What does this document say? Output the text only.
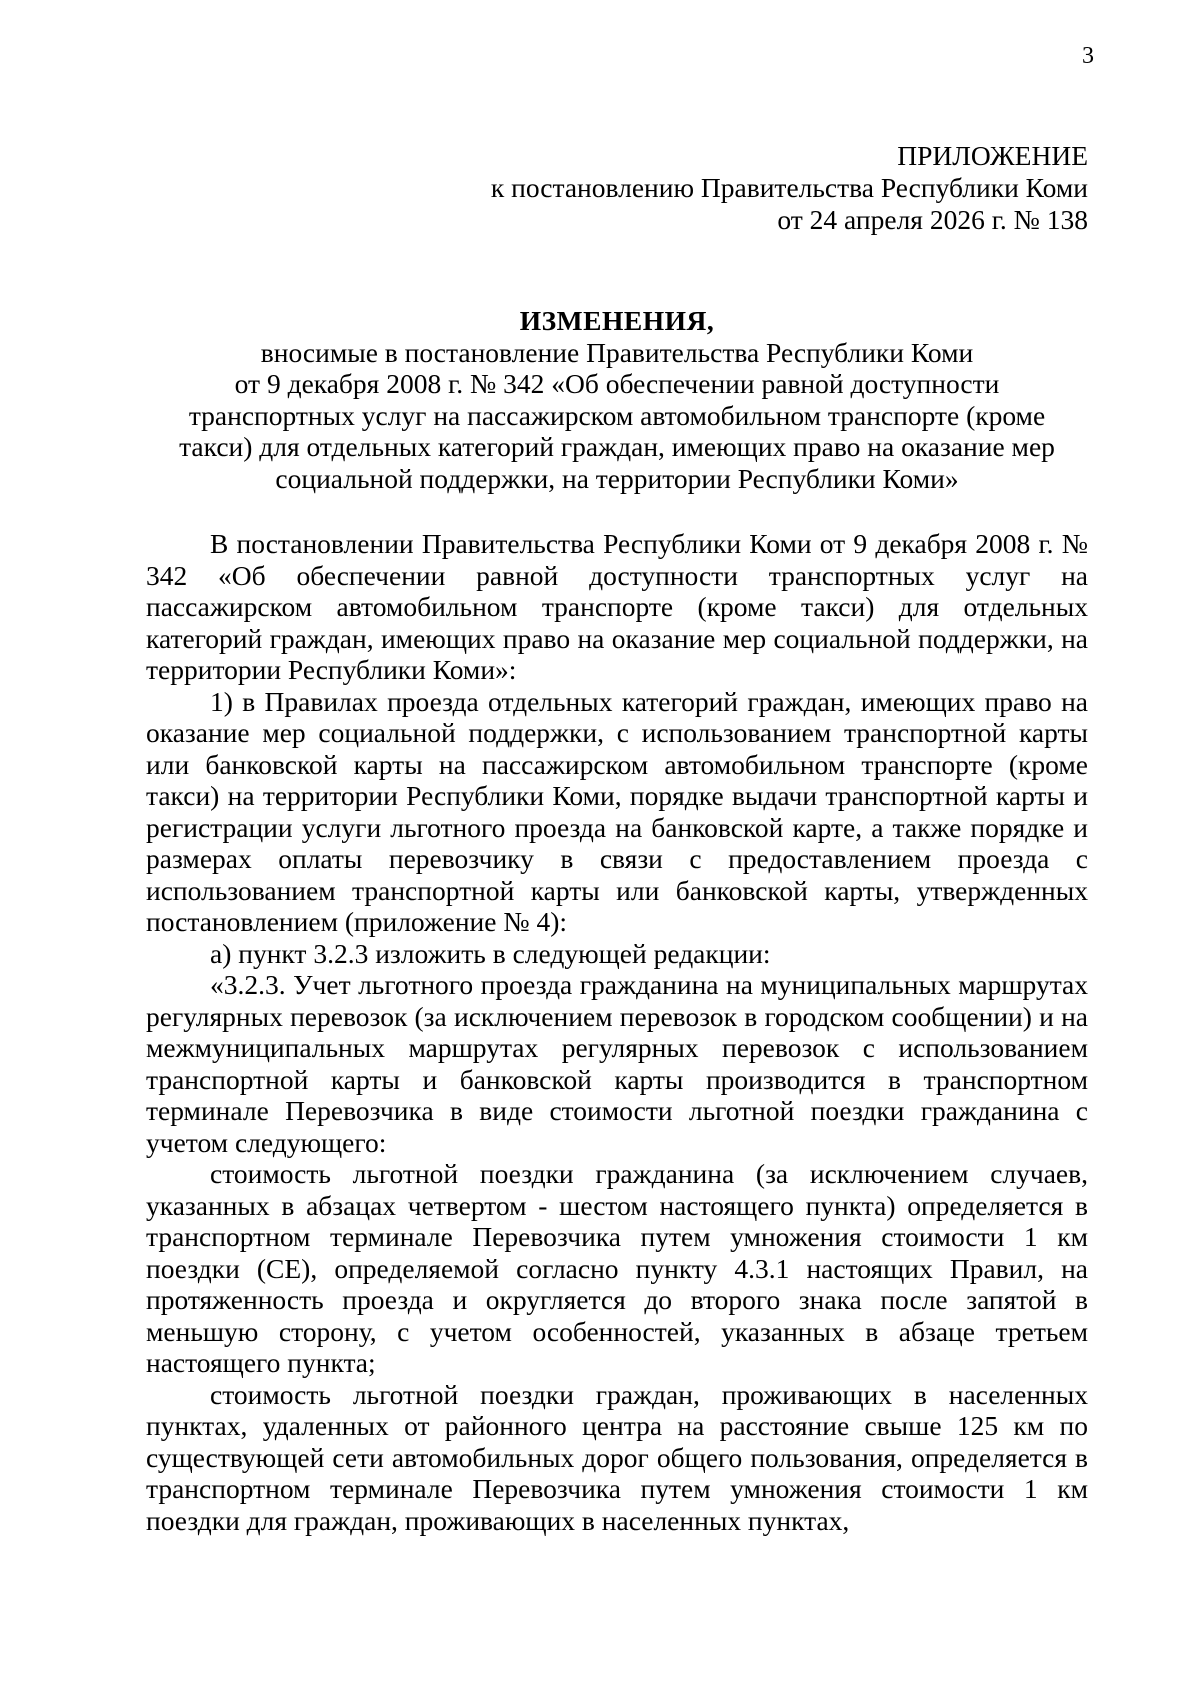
3
ПРИЛОЖЕНИЕ
к постановлению Правительства Республики Коми
от 24 апреля 2026 г. № 138
ИЗМЕНЕНИЯ,
вносимые в постановление Правительства Республики Коми
от 9 декабря 2008 г. № 342 «Об обеспечении равной доступности
транспортных услуг на пассажирском автомобильном транспорте (кроме
такси) для отдельных категорий граждан, имеющих право на оказание мер
социальной поддержки, на территории Республики Коми»

В постановлении Правительства Республики Коми от 9 декабря 2008 г. № 342 «Об обеспечении равной доступности транспортных услуг на пассажирском автомобильном транспорте (кроме такси) для отдельных категорий граждан, имеющих право на оказание мер социальной поддержки, на территории Республики Коми»:

1) в Правилах проезда отдельных категорий граждан, имеющих право на оказание мер социальной поддержки, с использованием транспортной карты или банковской карты на пассажирском автомобильном транспорте (кроме такси) на территории Республики Коми, порядке выдачи транспортной карты и регистрации услуги льготного проезда на банковской карте, а также порядке и размерах оплаты перевозчику в связи с предоставлением проезда с использованием транспортной карты или банковской карты, утвержденных постановлением (приложение № 4):

а) пункт 3.2.3 изложить в следующей редакции:

«3.2.3. Учет льготного проезда гражданина на муниципальных маршрутах регулярных перевозок (за исключением перевозок в городском сообщении) и на межмуниципальных маршрутах регулярных перевозок с использованием транспортной карты и банковской карты производится в транспортном терминале Перевозчика в виде стоимости льготной поездки гражданина с учетом следующего:

стоимость льготной поездки гражданина (за исключением случаев, указанных в абзацах четвертом - шестом настоящего пункта) определяется в транспортном терминале Перевозчика путем умножения стоимости 1 км поездки (СЕ), определяемой согласно пункту 4.3.1 настоящих Правил, на протяженность проезда и округляется до второго знака после запятой в меньшую сторону, с учетом особенностей, указанных в абзаце третьем настоящего пункта;

стоимость льготной поездки граждан, проживающих в населенных пунктах, удаленных от районного центра на расстояние свыше 125 км по существующей сети автомобильных дорог общего пользования, определяется в транспортном терминале Перевозчика путем умножения стоимости 1 км поездки для граждан, проживающих в населенных пунктах,
